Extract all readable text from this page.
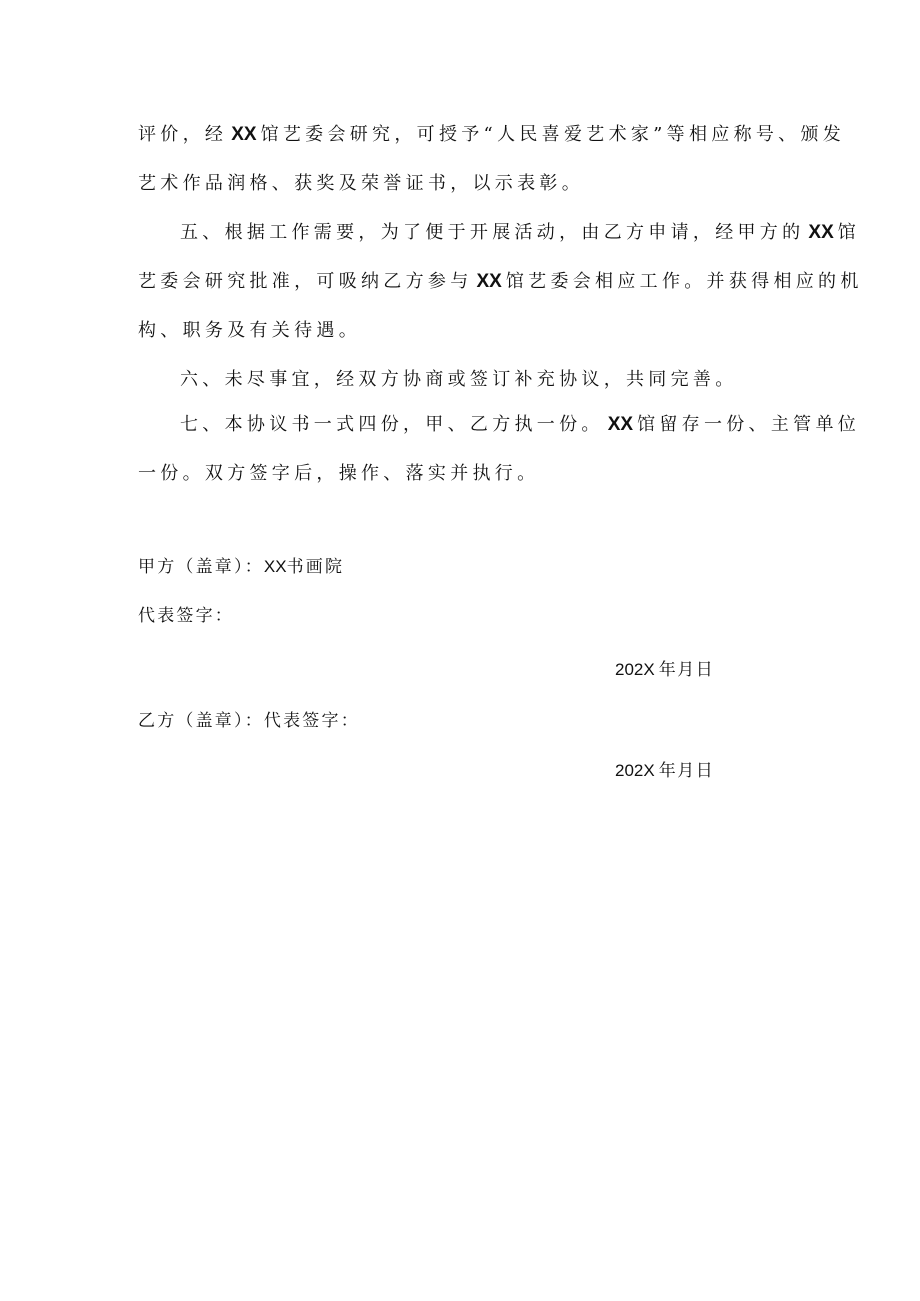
评价，经 XX 馆艺委会研究，可授予“人民喜爱艺术家”等相应称号、颁发
艺术作品润格、获奖及荣誉证书，以示表彰。
五、根据工作需要，为了便于开展活动，由乙方申请，经甲方的 XX 馆
艺委会研究批准，可吸纳乙方参与 XX 馆艺委会相应工作。并获得相应的机
构、职务及有关待遇。
六、未尽事宜，经双方协商或签订补充协议，共同完善。
七、本协议书一式四份，甲、乙方执一份。 XX 馆留存一份、主管单位
一份。双方签字后，操作、落实并执行。
甲方（盖章）：XX书画院
代表签字：
202X 年月日
乙方（盖章）：代表签字：
202X 年月日
